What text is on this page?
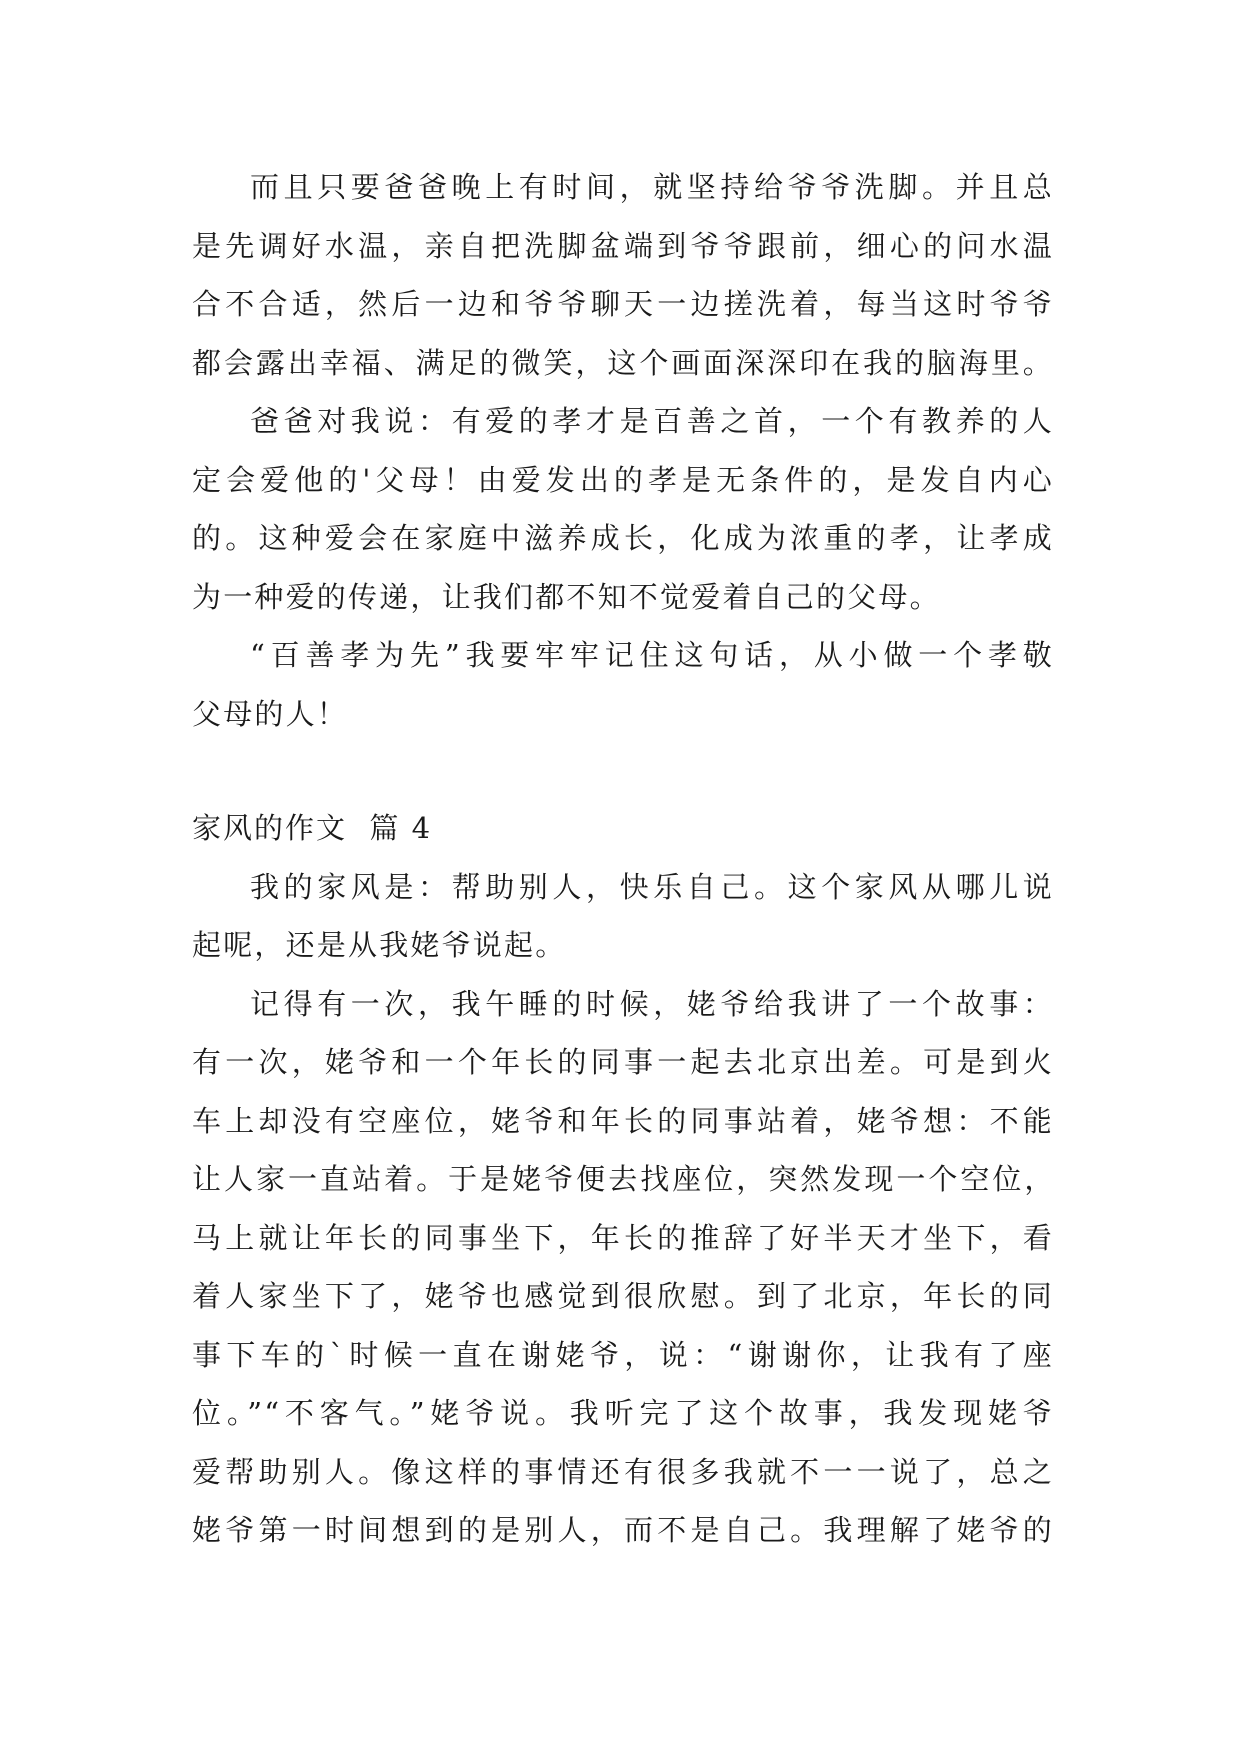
而且只要爸爸晚上有时间，就坚持给爷爷洗脚。并且总
是先调好水温，亲自把洗脚盆端到爷爷跟前，细心的问水温
合不合适，然后一边和爷爷聊天一边搓洗着，每当这时爷爷
都会露出幸福、满足的微笑，这个画面深深印在我的脑海里。
爸爸对我说：有爱的孝才是百善之首，一个有教养的人
定会爱他的'父母！由爱发出的孝是无条件的，是发自内心
的。这种爱会在家庭中滋养成长，化成为浓重的孝，让孝成
为一种爱的传递，让我们都不知不觉爱着自己的父母。
“百善孝为先”我要牢牢记住这句话，从小做一个孝敬
父母的人！
家风的作文  篇 4
我的家风是：帮助别人，快乐自己。这个家风从哪儿说
起呢，还是从我姥爷说起。
记得有一次，我午睡的时候，姥爷给我讲了一个故事：
有一次，姥爷和一个年长的同事一起去北京出差。可是到火
车上却没有空座位，姥爷和年长的同事站着，姥爷想：不能
让人家一直站着。于是姥爷便去找座位，突然发现一个空位，
马上就让年长的同事坐下，年长的推辞了好半天才坐下，看
着人家坐下了，姥爷也感觉到很欣慰。到了北京，年长的同
事下车的`时候一直在谢姥爷，说：“谢谢你，让我有了座
位。”“不客气。”姥爷说。我听完了这个故事，我发现姥爷
爱帮助别人。像这样的事情还有很多我就不一一说了，总之
姥爷第一时间想到的是别人，而不是自己。我理解了姥爷的
